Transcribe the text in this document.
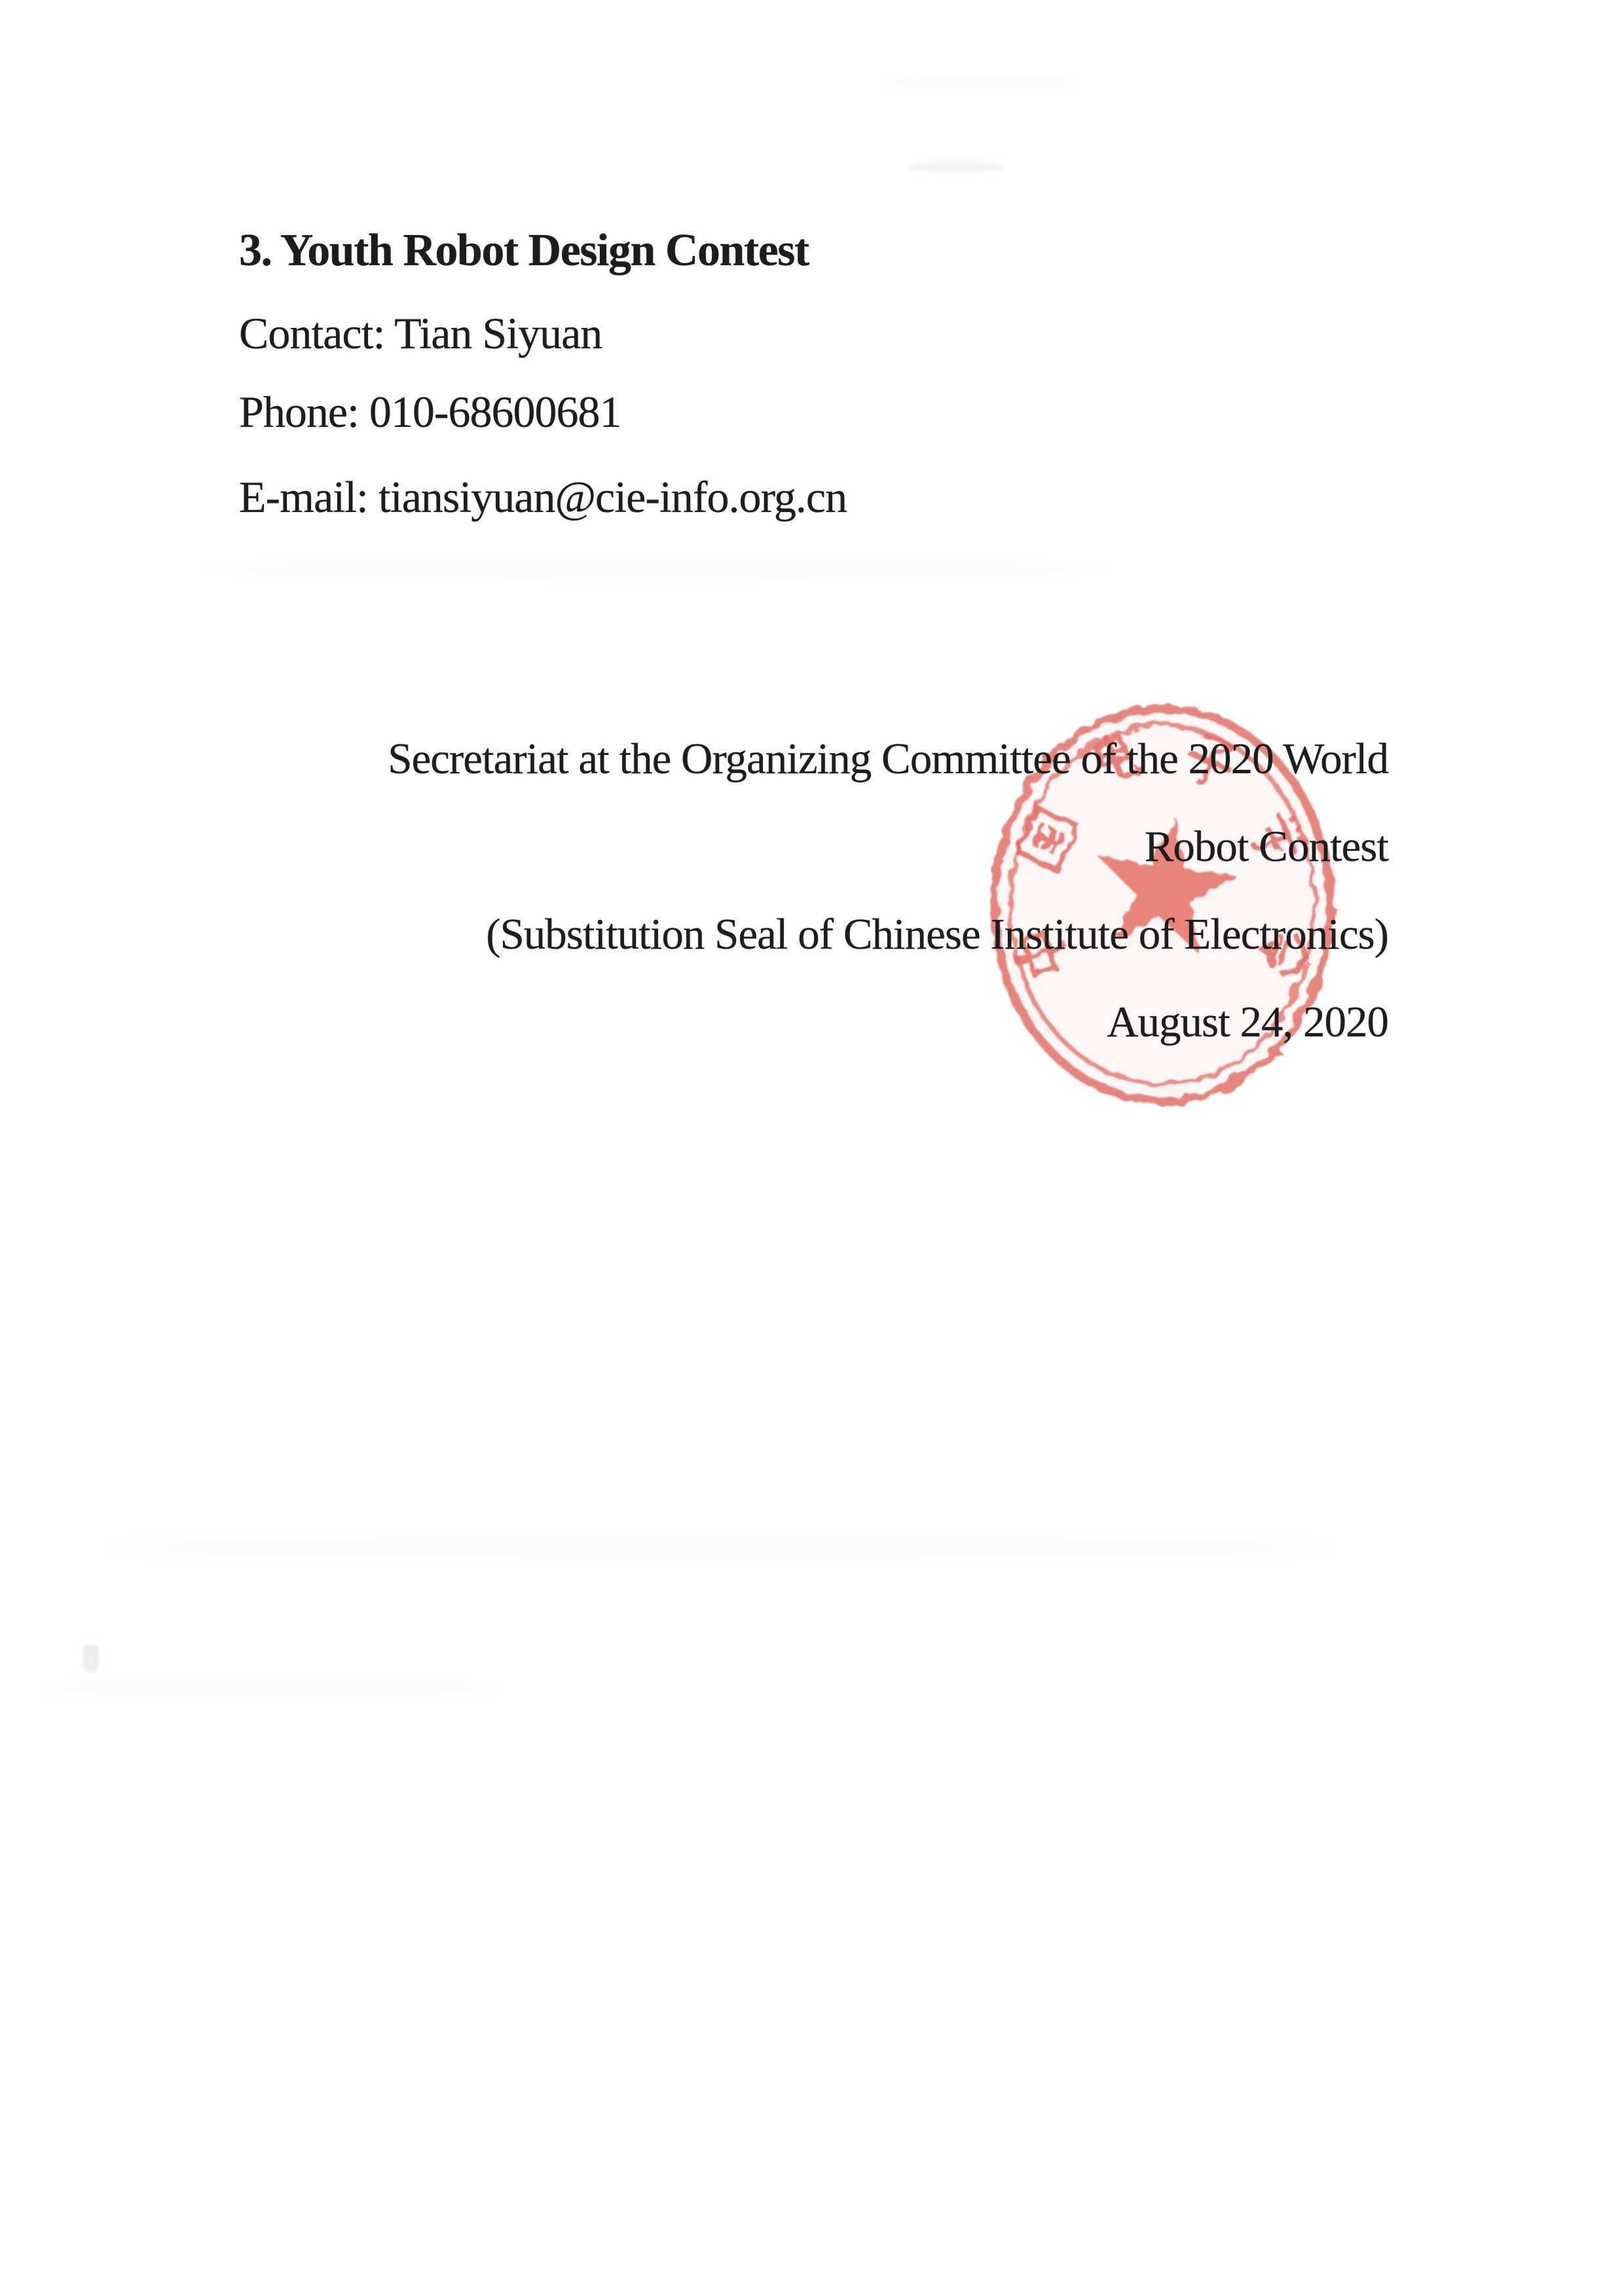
3. Youth Robot Design Contest
Contact: Tian Siyuan
Phone: 010-68600681
E-mail: tiansiyuan@cie-info.org.cn
Secretariat at the Organizing Committee of the 2020 World
Robot Contest
(Substitution Seal of Chinese Institute of Electronics)
August 24, 2020
